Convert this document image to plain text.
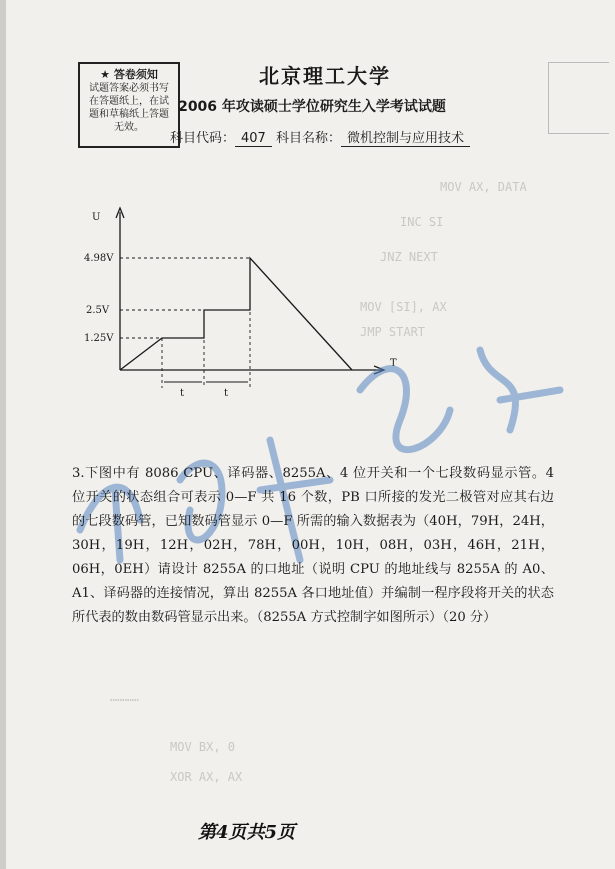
MOV AX, DATA
INC SI
JNZ NEXT
MOV [SI], AX
JMP START
…………
MOV BX, 0
XOR AX, AX
★ 答卷须知
试题答案必须书写在答题纸上，在试题和草稿纸上答题无效。
北京理工大学
2006 年攻读硕士学位研究生入学考试试题
科目代码： 407 科目名称： 微机控制与应用技术
U
T
4.98V
2.5V
1.25V
t	t
3.下图中有 8086 CPU、译码器、8255A、4 位开关和一个七段数码显示管。4 位开关的状态组合可表示 0—F 共 16 个数，PB 口所接的发光二极管对应其右边的七段数码管，已知数码管显示 0—F 所需的输入数据表为（40H，79H，24H，30H，19H，12H，02H，78H，00H，10H，08H，03H，46H，21H，06H，0EH）请设计 8255A 的口地址（说明 CPU 的地址线与 8255A 的 A0、A1、译码器的连接情况，算出 8255A 各口地址值）并编制一程序段将开关的状态所代表的数由数码管显示出来。（8255A 方式控制字如图所示）（20 分）
第4页共5页
